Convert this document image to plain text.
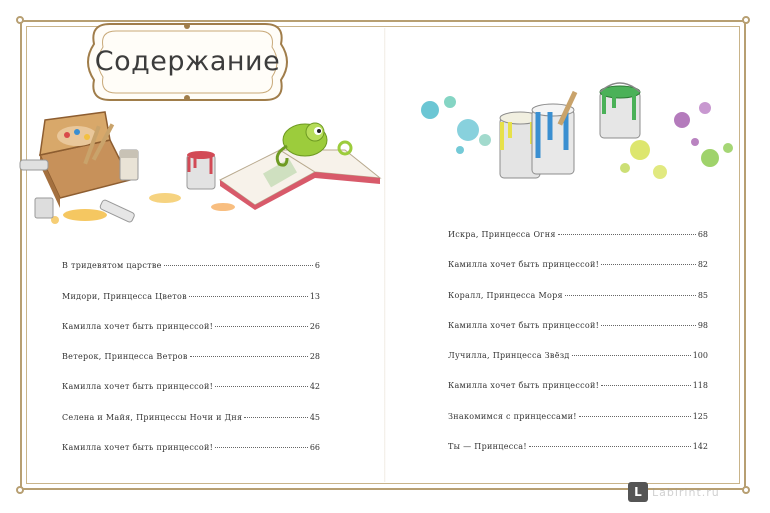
Содержание
В тридевятом царстве	6
Мидори, Принцесса Цветов	13
Камилла хочет быть принцессой!	26
Ветерок, Принцесса Ветров	28
Камилла хочет быть принцессой!	42
Селена и Майя, Принцессы Ночи и Дня	45
Камилла хочет быть принцессой!	66
Искра, Принцесса Огня	68
Камилла хочет быть принцессой!	82
Коралл, Принцесса Моря	85
Камилла хочет быть принцессой!	98
Лучилла, Принцесса Звёзд	100
Камилла хочет быть принцессой!	118
Знакомимся с принцессами!	125
Ты — Принцесса!	142
L Labirint.ru
